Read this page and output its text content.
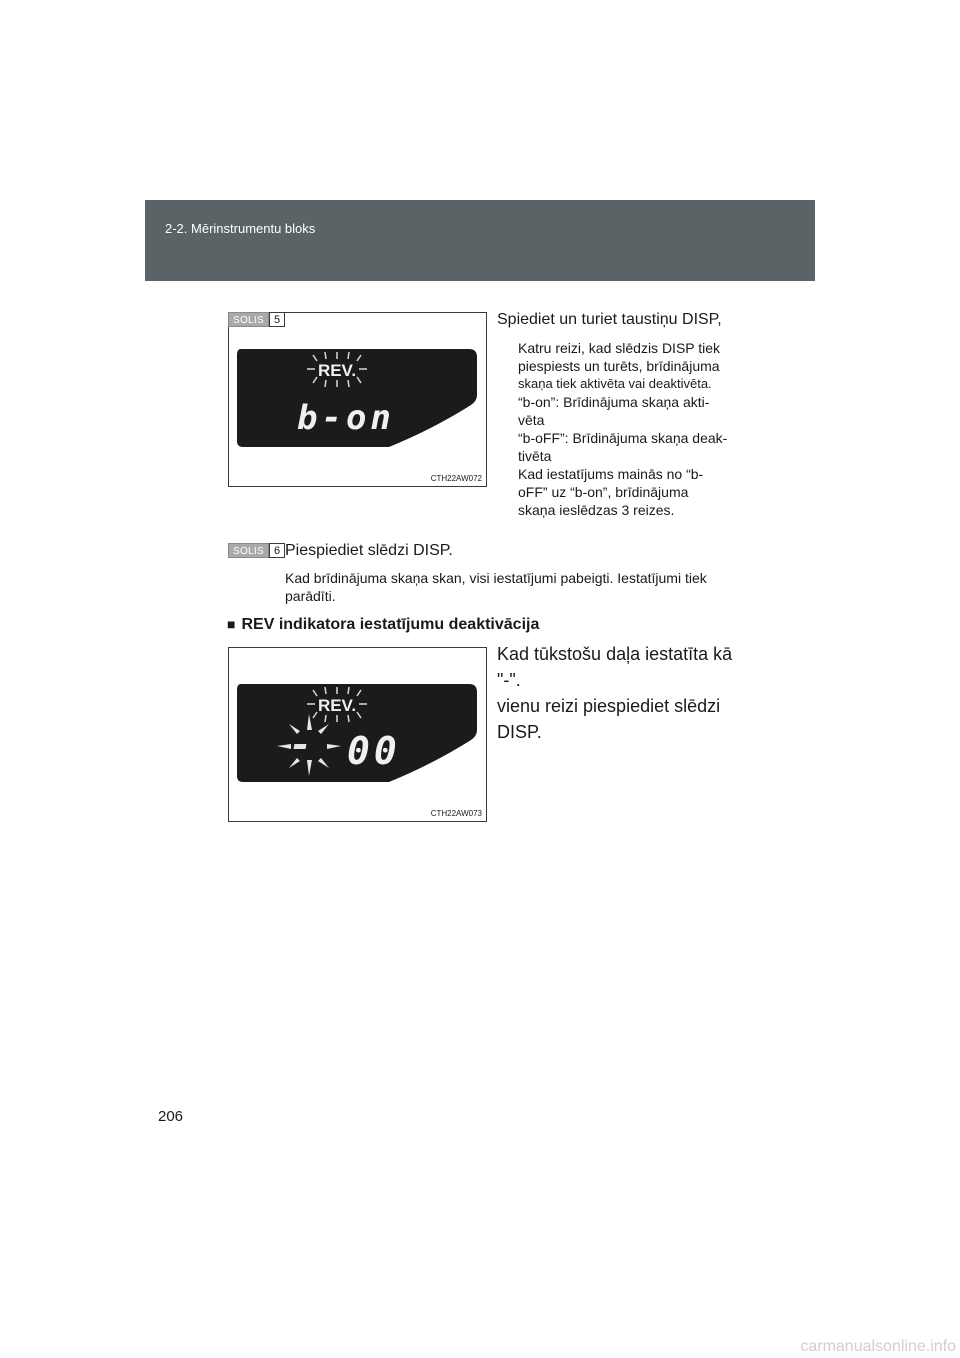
2-2. Mērinstrumentu bloks
SOLIS 5
REV.
b-on
CTH22AW072
Spiediet un turiet taustiņu DISP,
Katru reizi, kad slēdzis DISP tiek
piespiests un turēts, brīdinājuma
skaņa tiek aktivēta vai deaktivēta.
“b-on”: Brīdinājuma skaņa akti-
vēta
“b-oFF”: Brīdinājuma skaņa deak-
tivēta
Kad iestatījums mainās no “b-
oFF” uz “b-on”, brīdinājuma
skaņa ieslēdzas 3 reizes.
SOLIS 6 Piespiediet slēdzi DISP.
Kad brīdinājuma skaņa skan, visi iestatījumi pabeigti. Iestatījumi tiek
parādīti.
■ REV indikatora iestatījumu deaktivācija
REV.
00
CTH22AW073
Kad tūkstošu daļa iestatīta kā "-".
vienu reizi piespiediet slēdzi
DISP.
206
carmanualsonline.info
